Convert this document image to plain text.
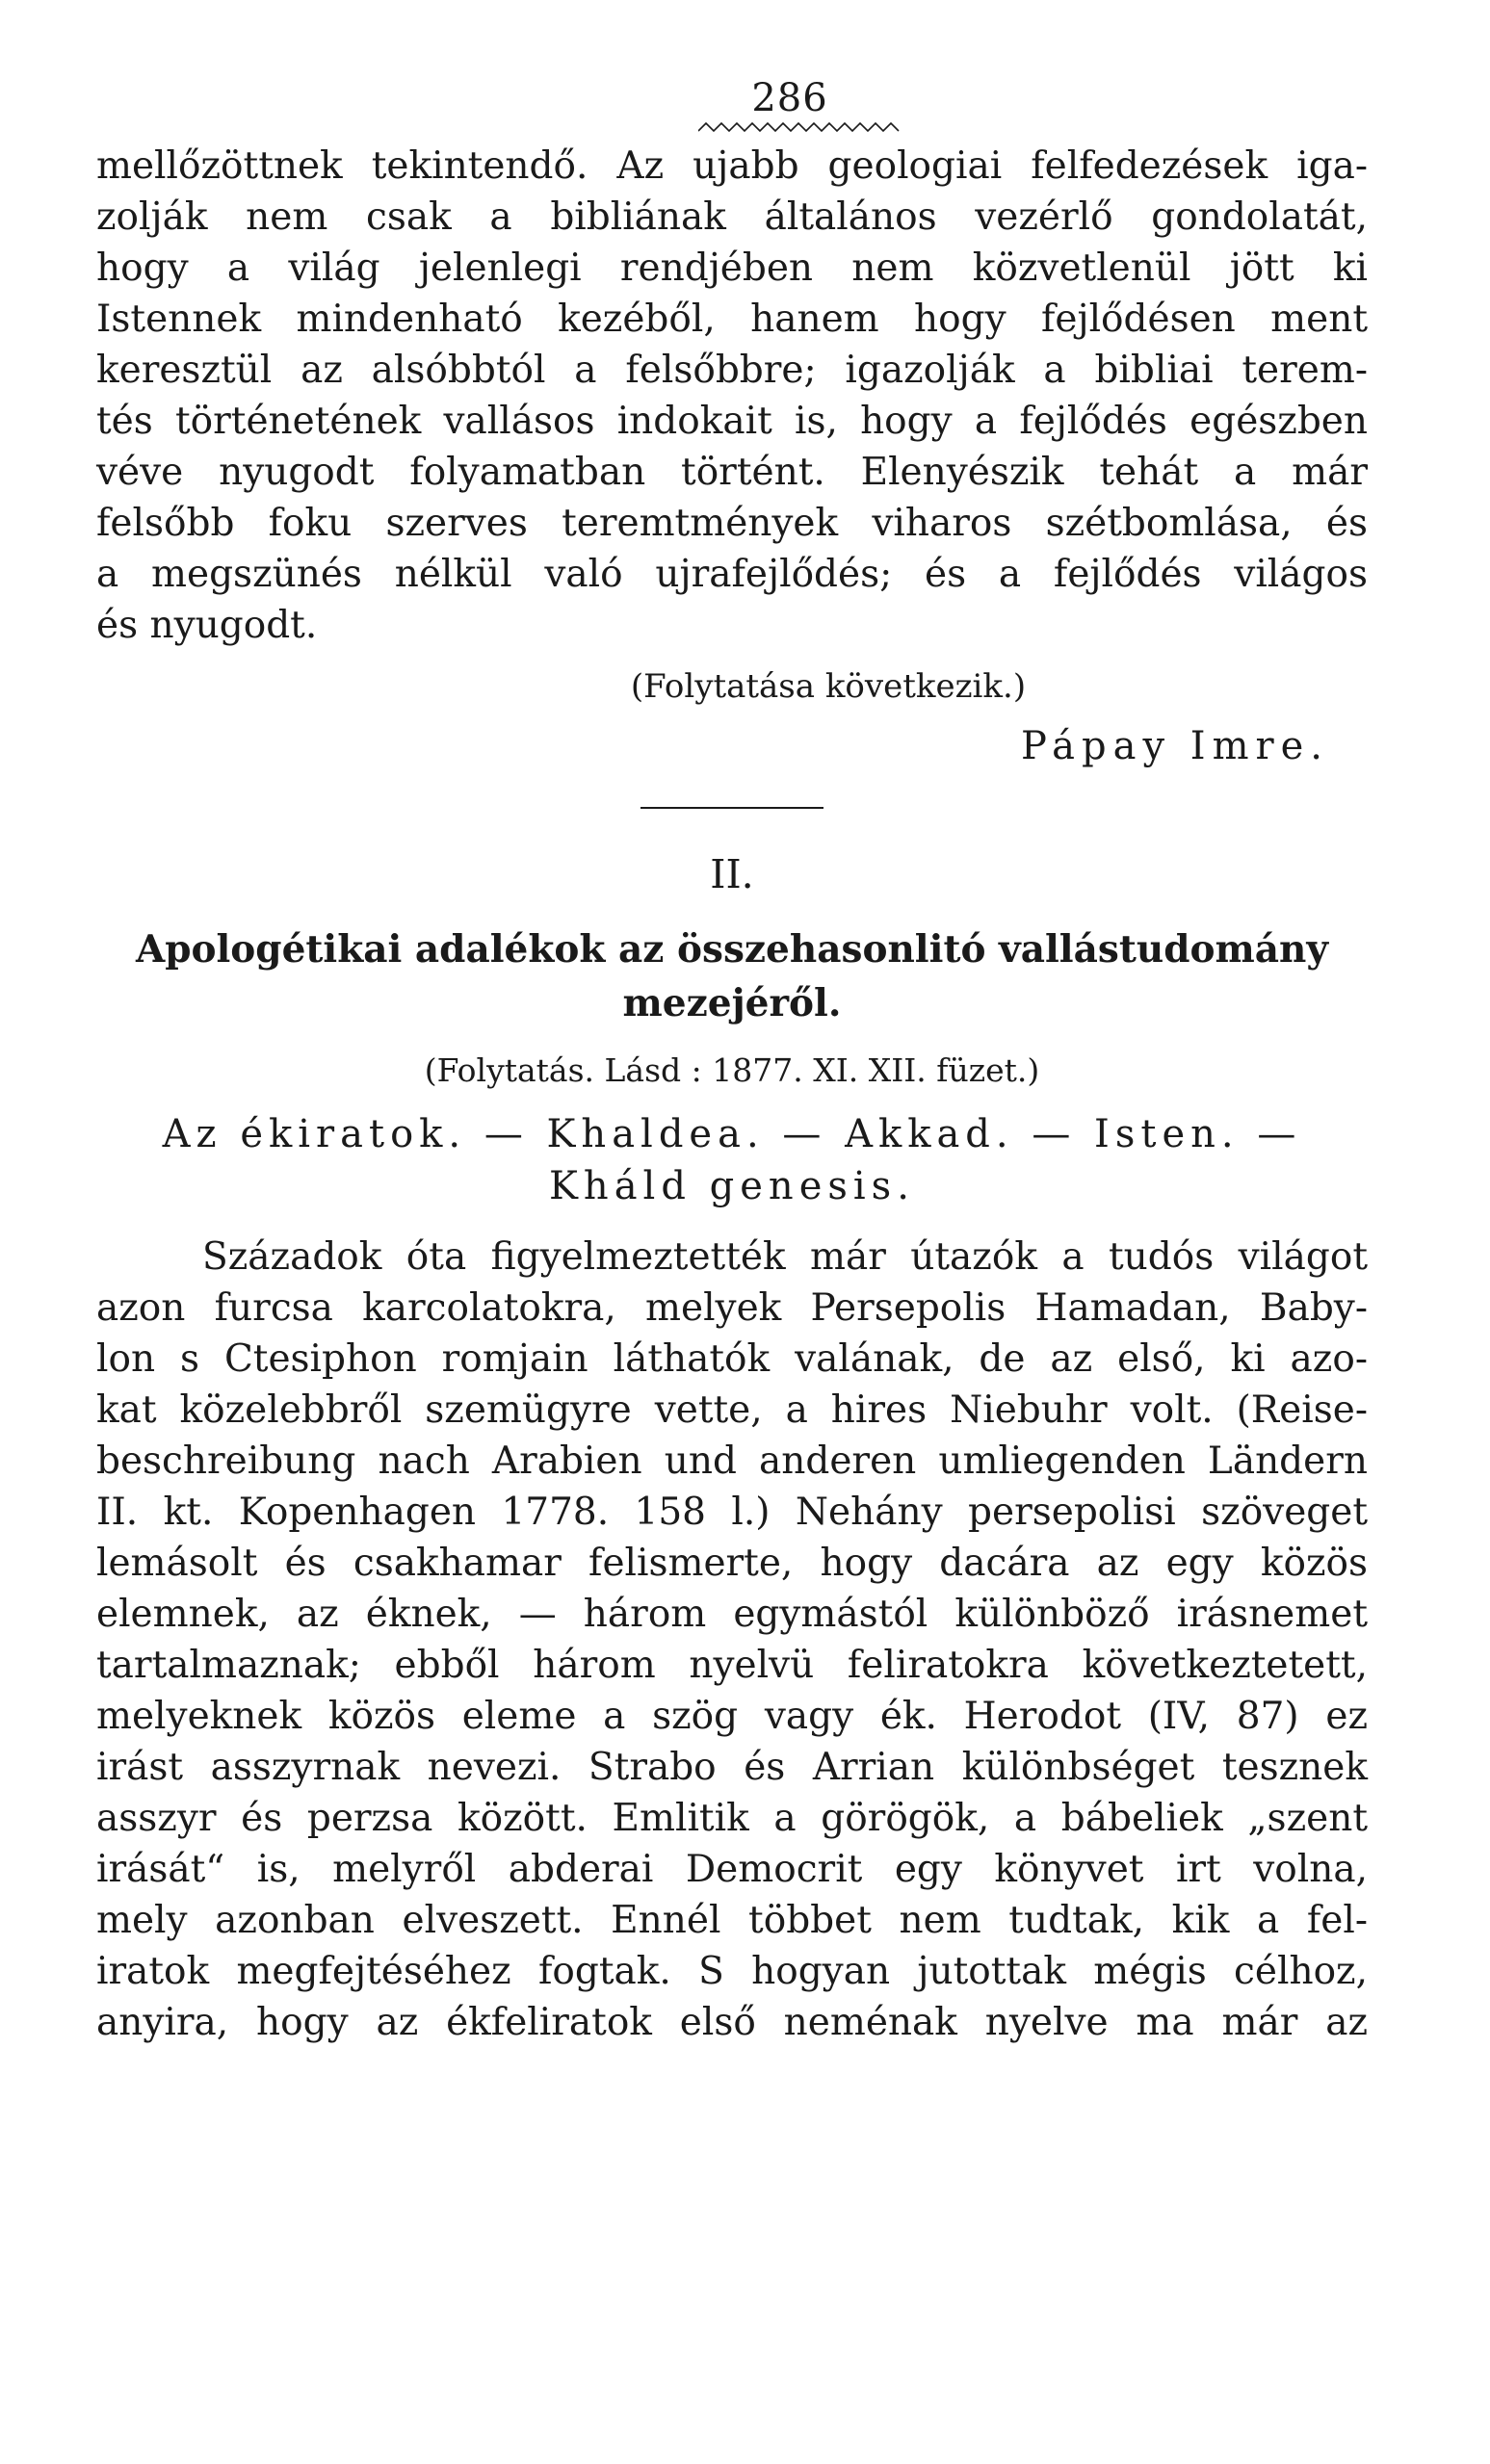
286
mellőzöttnek tekintendő. Az ujabb geologiai felfedezések iga-
zolják nem csak a bibliának általános vezérlő gondolatát,
hogy a világ jelenlegi rendjében nem közvetlenül jött ki
Istennek mindenható kezéből, hanem hogy fejlődésen ment
keresztül az alsóbbtól a felsőbbre; igazolják a bibliai terem-
tés történetének vallásos indokait is, hogy a fejlődés egészben
véve nyugodt folyamatban történt. Elenyészik tehát a már
felsőbb foku szerves teremtmények viharos szétbomlása, és
a megszünés nélkül való ujrafejlődés; és a fejlődés világos
és nyugodt.
(Folytatása következik.)
Pápay Imre.
II.
Apologétikai adalékok az összehasonlitó vallástudomány
mezejéről.
(Folytatás. Lásd : 1877. XI. XII. füzet.)
Az ékiratok. — Khaldea. — Akkad. — Isten. —
Kháld genesis.
Századok óta figyelmeztették már útazók a tudós világot
azon furcsa karcolatokra, melyek Persepolis Hamadan, Baby-
lon s Ctesiphon romjain láthatók valának, de az első, ki azo-
kat közelebbről szemügyre vette, a hires Niebuhr volt. (Reise-
beschreibung nach Arabien und anderen umliegenden Ländern
II. kt. Kopenhagen 1778. 158 l.) Nehány persepolisi szöveget
lemásolt és csakhamar felismerte, hogy dacára az egy közös
elemnek, az éknek, — három egymástól különböző irásnemet
tartalmaznak; ebből három nyelvü feliratokra következtetett,
melyeknek közös eleme a szög vagy ék. Herodot (IV, 87) ez
irást asszyrnak nevezi. Strabo és Arrian különbséget tesznek
asszyr és perzsa között. Emlitik a görögök, a bábeliek „szent
irását“ is, melyről abderai Democrit egy könyvet irt volna,
mely azonban elveszett. Ennél többet nem tudtak, kik a fel-
iratok megfejtéséhez fogtak. S hogyan jutottak mégis célhoz,
anyira, hogy az ékfeliratok első neménak nyelve ma már az
